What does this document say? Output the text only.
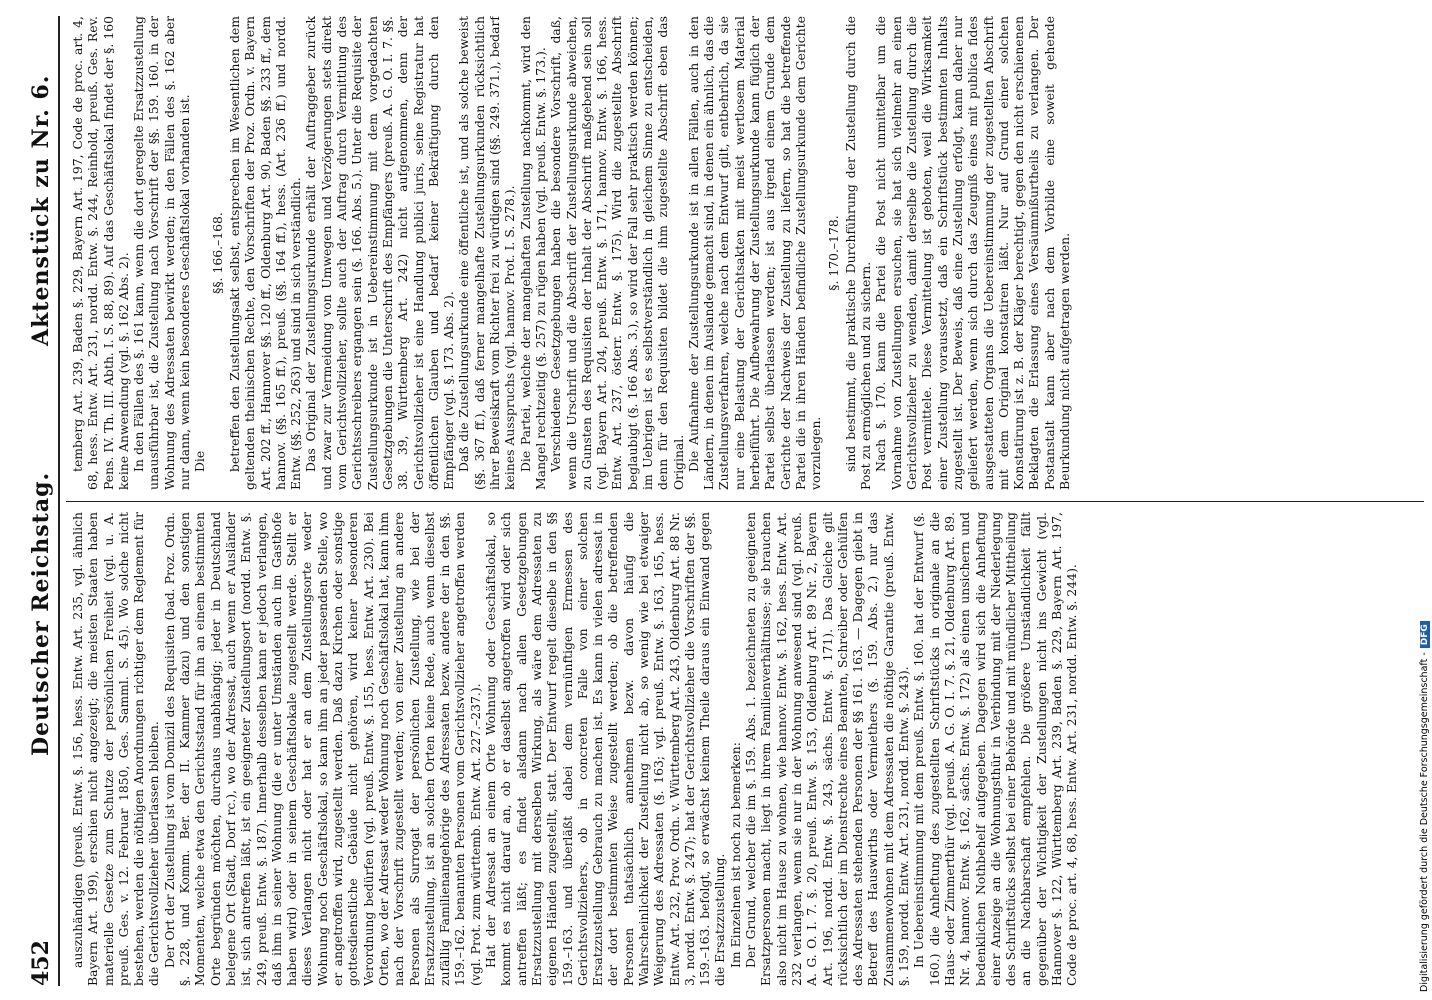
452
Deutscher Reichstag.
Aktenstück zu Nr. 6.

auszuhändigen (preuß. Entw. §. 156, hess. Entw. Art. 235, vgl. ähnlich Bayern Art. 199), erschien nicht angezeigt; die meisten Staaten haben materielle Gesetze zum Schutze der persönlichen Freiheit (vgl. u. A. preuß. Ges. v. 12. Februar 1850, Ges. Samml. S. 45). Wo solche nicht bestehen, werden die nöthigen Anordnungen richtiger dem Reglement für die Gerichtsvollzieher überlassen bleiben. Der Ort der Zustellung ist vom Domizil des Requisiten (bad. Proz. Ordn. §. 228, und Komm. Ber. der II. Kammer dazu) und den sonstigen Momenten, welche etwa den Gerichtsstand für ihn an einem bestimmten Orte begründen möchten, durchaus unabhängig; jeder in Deutschland belegene Ort (Stadt, Dorf rc.), wo der Adressat, auch wenn er Ausländer ist, sich antreffen läßt, ist ein geeigneter Zustellungsort (nordd. Entw. §. 249, preuß. Entw. §. 187). Innerhalb desselben kann er jedoch verlangen, daß ihm in seiner Wohnung (die er unter Umständen auch im Gasthofe haben wird) oder in seinem Geschäftslokale zugestellt werde. Stellt er dieses Verlangen nicht oder hat er an dem Zustellungsorte weder Wohnung noch Geschäftslokal, so kann ihm an jeder passenden Stelle, wo er angetroffen wird, zugestellt werden. Daß dazu Kirchen oder sonstige gottesdienstliche Gebäude nicht gehören, wird keiner besonderen Verordnung bedürfen (vgl. preuß. Entw. §. 155, hess. Entw. Art. 230). Bei Orten, wo der Adressat weder Wohnung noch Geschäftslokal hat, kann ihm nach der Vorschrift zugestellt werden; von einer Zustellung an andere Personen als Surrogat der persönlichen Zustellung, wie bei der Ersatzzustellung, ist an solchen Orten keine Rede, auch wenn dieselbst zufällig Familienangehörige des Adressaten bezw. andere der in den §§. 159.–162. benannten Personen vom Gerichtsvollzieher angetroffen werden (vgl. Prot. zum württemb. Entw. Art. 227.–237.). Hat der Adressat an einem Orte Wohnung oder Geschäftslokal, so kommt es nicht darauf an, ob er daselbst angetroffen wird oder sich antreffen läßt; es findet alsdann nach allen Gesetzgebungen Ersatzzustellung mit derselben Wirkung, als wäre dem Adressaten zu eigenen Händen zugestellt, statt. Der Entwurf regelt dieselbe in den §§ 159.–163. und überläßt dabei dem vernünftigen Ermessen des Gerichtsvollziehers, ob in concreten Falle von einer solchen Ersatzzustellung Gebrauch zu machen ist. Es kann in vielen adressat in der dort bestimmten Weise zugestellt werden; ob die betreffenden Personen thatsächlich annehmen bezw. davon häufig die Wahrscheinlichkeit der Zustellung nicht ab, so wenig wie bei etwaiger Weigerung des Adressaten (§. 163; vgl. preuß. Entw. §. 163, 165, hess. Entw. Art. 232, Prov. Ordn. v. Württemberg Art. 243, Oldenburg Art. 88 Nr. 3, nordd. Entw. §. 247); hat der Gerichtsvollzieher die Vorschriften der §§. 159.–163. befolgt, so erwächst keinem Theile daraus ein Einwand gegen die Ersatzzustellung. Im Einzelnen ist noch zu bemerken: Der Grund, welcher die im §. 159. Abs. 1. bezeichneten zu geeigneten Ersatzpersonen macht, liegt in ihrem Familienverhältnisse; sie brauchen also nicht im Hause zu wohnen, wie hannov. Entw. §. 162, hess. Entw. Art. 232 verlangen, wenn sie nur in der Wohnung anwesend sind (vgl. preuß. A. G. O. I. 7. §. 20, preuß. Entw. §. 153, Oldenburg Art. 89 Nr. 2, Bayern Art. 196, nordd. Entw. §. 243, sächs. Entw. §. 171). Das Gleiche gilt rücksichtlich der im Dienstrechte eines Beamten, Schreiber oder Gehülfen des Adressaten stehenden Personen der §§ 161. 163. — Dagegen giebt in Betreff des Hauswirths oder Vermiethers (§. 159. Abs. 2.) nur das Zusammenwohnen mit dem Adressaten die nöthige Garantie (preuß. Entw. §. 159, nordd. Entw. Art. 231, nordd. Entw. §. 243). In Uebereinstimmung mit dem preuß. Entw. §. 160. hat der Entwurf (§. 160.) die Anheftung des zugestellten Schriftstücks in originale an die Haus- oder Zimmerthür (vgl. preuß. A. G. O. I. 7. §. 21, Oldenburg Art. 89. Nr. 4, hannov. Entw. §. 162, sächs. Entw. §. 172) als einen unsichern und bedenklichen Nothbehelf aufgegeben. Dagegen wird sich die Anheftung einer Anzeige an die Wohnungsthür in Verbindung mit der Niederlegung des Schriftstücks selbst bei einer Behörde und mit mündlicher Mittheilung an die Nachbarschaft empfehlen. Die größere Umständlichkeit fällt gegenüber der Wichtigkeit der Zustellungen nicht ins Gewicht (vgl. Hannover §. 122, Württemberg Art. 239, Baden §. 229, Bayern Art. 197, Code de proc. art. 4, 68, hess. Entw. Art. 231, nordd. Entw. §. 244).

temberg Art. 239, Baden §. 229, Bayern Art. 197, Code de proc. art. 4, 68, hess. Entw. Art. 231, nordd. Entw. §. 244, Reinhold, preuß. Ges. Rev. Pens. IV. Th. III. Abth. I. S. 88, 89). Auf das Geschäftslokal findet der §. 160 keine Anwendung (vgl. §. 162 Abs. 2). In den Fällen des §. 161 kann, wenn die dort geregelte Ersatzzustellung unausführbar ist, die Zustellung nach Vorschrift der §§. 159. 160. in der Wohnung des Adressaten bewirkt werden; in den Fällen des §. 162 aber nur dann, wenn kein besonderes Geschäftslokal vorhanden ist. Die

§§. 166.–168. betreffen den Zustellungsakt selbst, entsprechen im Wesentlichen dem geltenden theinischen Rechte, den Vorschriften der Proz. Ordn. v. Bayern Art. 202 ff., Hannover §§. 120 ff., Oldenburg Art. 90, Baden §§. 233 ff., dem hannov. (§§. 165 ff.), preuß. (§§. 164 ff.), hess. (Art. 236 ff.) und nordd. Entw. (§§. 252, 263) und sind in sich verständlich. Das Original der Zustellungsurkunde erhält der Auftraggeber zurück und zwar zur Vermeidung von Umwegen und Verzögerungen stets direkt vom Gerichtsvollzieher, sollte auch der Auftrag durch Vermittlung des Gerichtsschreibers ergangen sein (§. 166. Abs. 5.). Unter die Requisite der Zustellungsurkunde ist in Uebereinstimmung mit dem vorgedachten Gesetzgebungen die Unterschrift des Empfängers (preuß. A. G. O. I. 7. §§. 38. 39, Württemberg Art. 242) nicht aufgenommen, denn der Gerichtsvollzieher ist eine Handlung publici juris, seine Registratur hat öffentlichen Glauben und bedarf keiner Bekräftigung durch den Empfänger (vgl. §. 173. Abs. 2). Daß die Zustellungsurkunde eine öffentliche ist, und als solche beweist (§§. 367 ff.), daß ferner mangelhafte Zustellungsurkunden rücksichtlich ihrer Beweiskraft vom Richter frei zu würdigen sind (§§. 249. 371.), bedarf keines Ausspruchs (vgl. hannov. Prot. I. S. 278.). Die Partei, welche der mangelhaften Zustellung nachkommt, wird den Mangel rechtzeitig (§. 257) zu rügen haben (vgl. preuß. Entw. §. 173.). Verschiedene Gesetzgebungen haben die besondere Vorschrift, daß, wenn die Urschrift und die Abschrift der Zustellungsurkunde abweichen, zu Gunsten des Requisiten der Inhalt der Abschrift maßgebend sein soll (vgl. Bayern Art. 204, preuß. Entw. §. 171, hannov. Entw. §. 166, hess. Entw. Art. 237, österr. Entw. §. 175). Wird die zugestellte Abschrift beglaubigt (§. 166 Abs. 3.), so wird der Fall sehr praktisch werden können; im Uebrigen ist es selbstverständlich in gleichem Sinne zu entscheiden, denn für den Requisiten bildet die ihm zugestellte Abschrift eben das Original. Die Aufnahme der Zustellungsurkunde ist in allen Fällen, auch in den Ländern, in denen im Auslande gemacht sind, in denen ein ähnlich, das die Zustellungsverfahren, welche nach dem Entwurf gilt, entbehrlich, da sie nur eine Belastung der Gerichtsakten mit meist wertlosem Material herbeiführt. Die Aufbewahrung der Zustellungsurkunde kann füglich der Partei selbst überlassen werden; ist aus irgend einem Grunde dem Gerichte der Nachweis der Zustellung zu liefern, so hat die betreffende Partei die in ihren Händen befindliche Zustellungsurkunde dem Gerichte vorzulegen.

§. 170.–178. sind bestimmt, die praktische Durchführung der Zustellung durch die Post zu ermöglichen und zu sichern. Nach §. 170. kann die Partei die Post nicht unmittelbar um die Vornahme von Zustellungen ersuchen, sie hat sich vielmehr an einen Gerichtsvollzieher zu wenden, damit derselbe die Zustellung durch die Post vermittele. Diese Vermittelung ist geboten, weil die Wirksamkeit einer Zustellung voraussetzt, daß ein Schriftstück bestimmten Inhalts zugestellt ist. Der Beweis, daß eine Zustellung erfolgt, kann daher nur geliefert werden, wenn sich durch das Zeugniß eines mit publica fides ausgestatteten Organs die Uebereinstimmung der zugestellten Abschrift mit dem Original konstatiren läßt. Nur auf Grund einer solchen Konstatirung ist z. B. der Kläger berechtigt, gegen den nicht erschienenen Beklagten die Erlassung eines Versäumnißurtheils zu verlangen. Der Postanstalt kann aber nach dem Vorbilde eine soweit gehende Beurkundung nicht aufgetragen werden.

Digitalisierung gefördert durch die Deutsche Forschungsgemeinschaft -DFG
